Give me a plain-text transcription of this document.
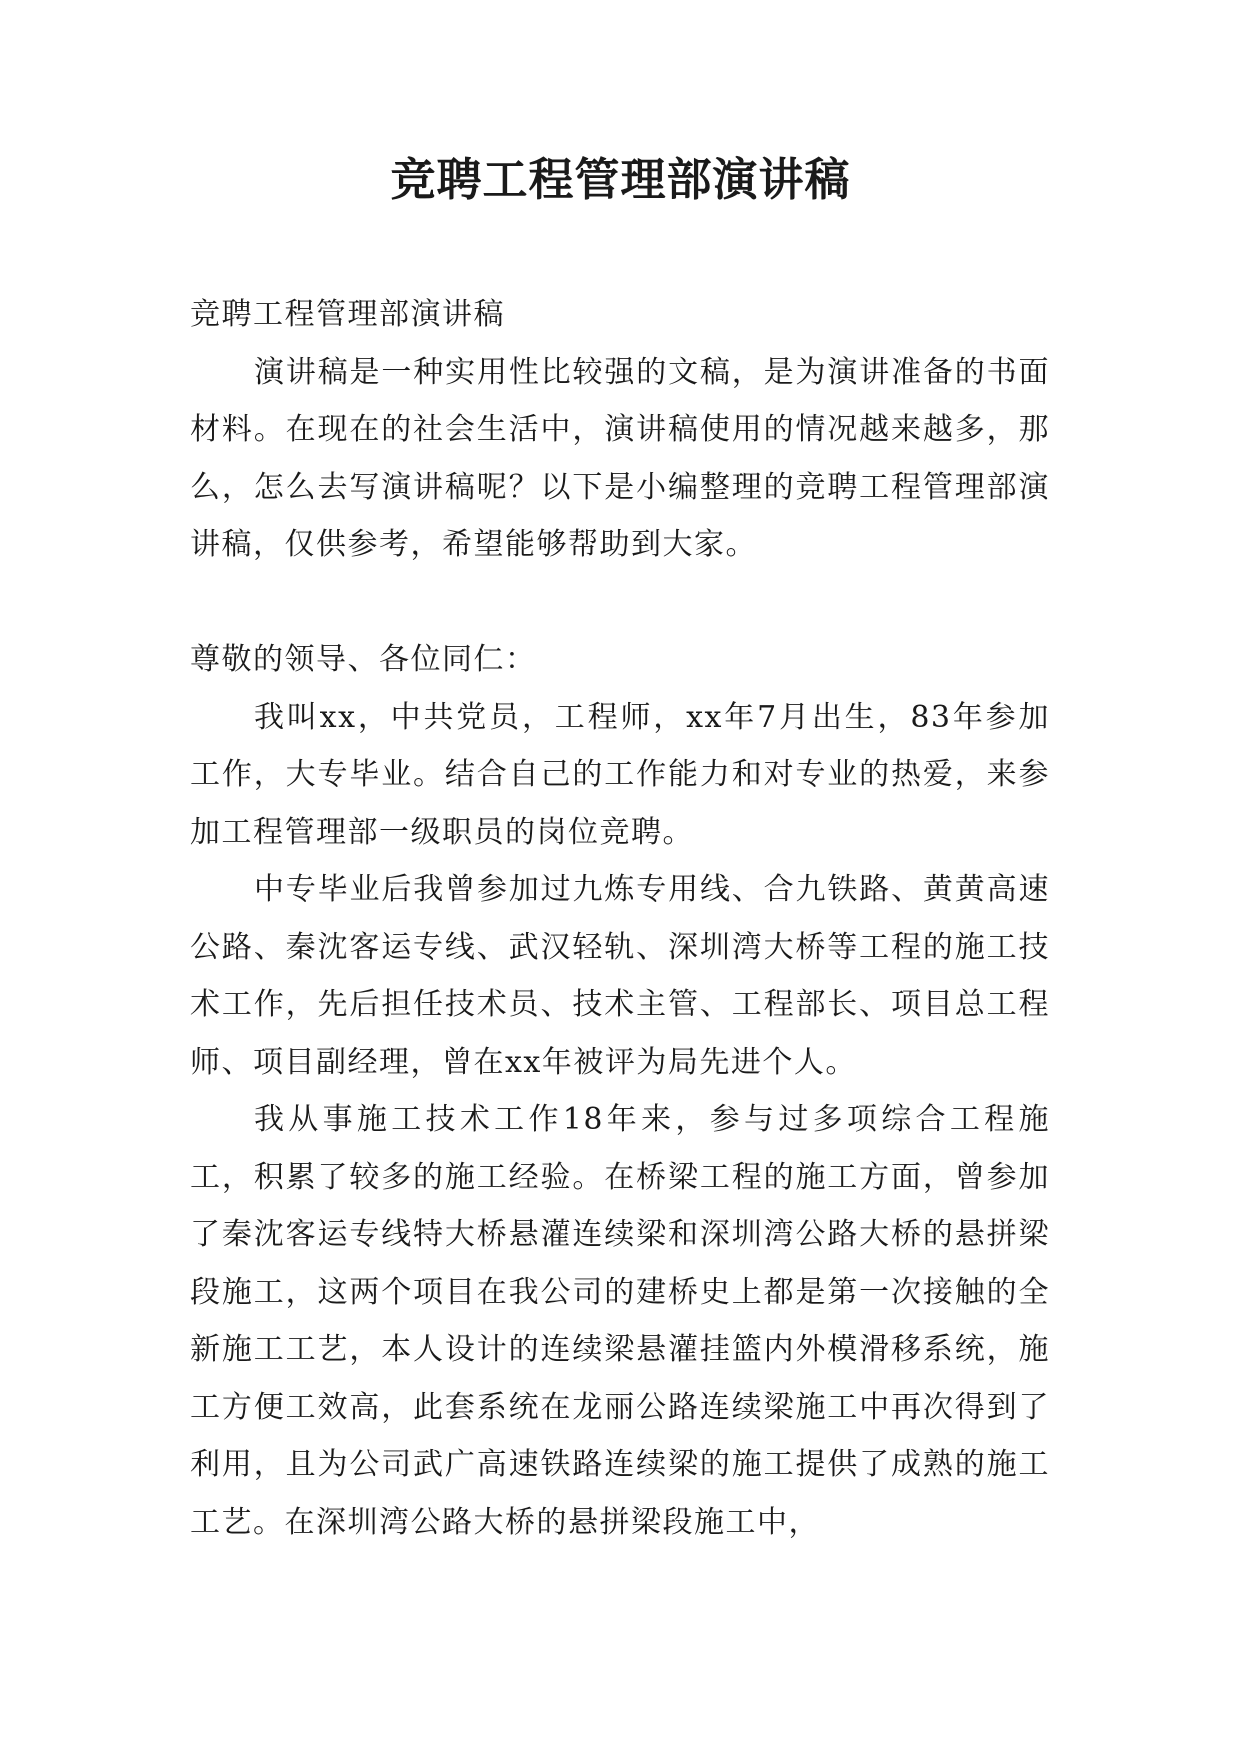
竞聘工程管理部演讲稿

竞聘工程管理部演讲稿

演讲稿是一种实用性比较强的文稿，是为演讲准备的书面材料。在现在的社会生活中，演讲稿使用的情况越来越多，那么，怎么去写演讲稿呢？以下是小编整理的竞聘工程管理部演讲稿，仅供参考，希望能够帮助到大家。

尊敬的领导、各位同仁：

我叫xx，中共党员，工程师，xx年7月出生，83年参加工作，大专毕业。结合自己的工作能力和对专业的热爱，来参加工程管理部一级职员的岗位竞聘。

中专毕业后我曾参加过九炼专用线、合九铁路、黄黄高速公路、秦沈客运专线、武汉轻轨、深圳湾大桥等工程的施工技术工作，先后担任技术员、技术主管、工程部长、项目总工程师、项目副经理，曾在xx年被评为局先进个人。

我从事施工技术工作18年来，参与过多项综合工程施工，积累了较多的施工经验。在桥梁工程的施工方面，曾参加了秦沈客运专线特大桥悬灌连续梁和深圳湾公路大桥的悬拼梁段施工，这两个项目在我公司的建桥史上都是第一次接触的全新施工工艺，本人设计的连续梁悬灌挂篮内外模滑移系统，施工方便工效高，此套系统在龙丽公路连续梁施工中再次得到了利用，且为公司武广高速铁路连续梁的施工提供了成熟的施工工艺。在深圳湾公路大桥的悬拼梁段施工中，
